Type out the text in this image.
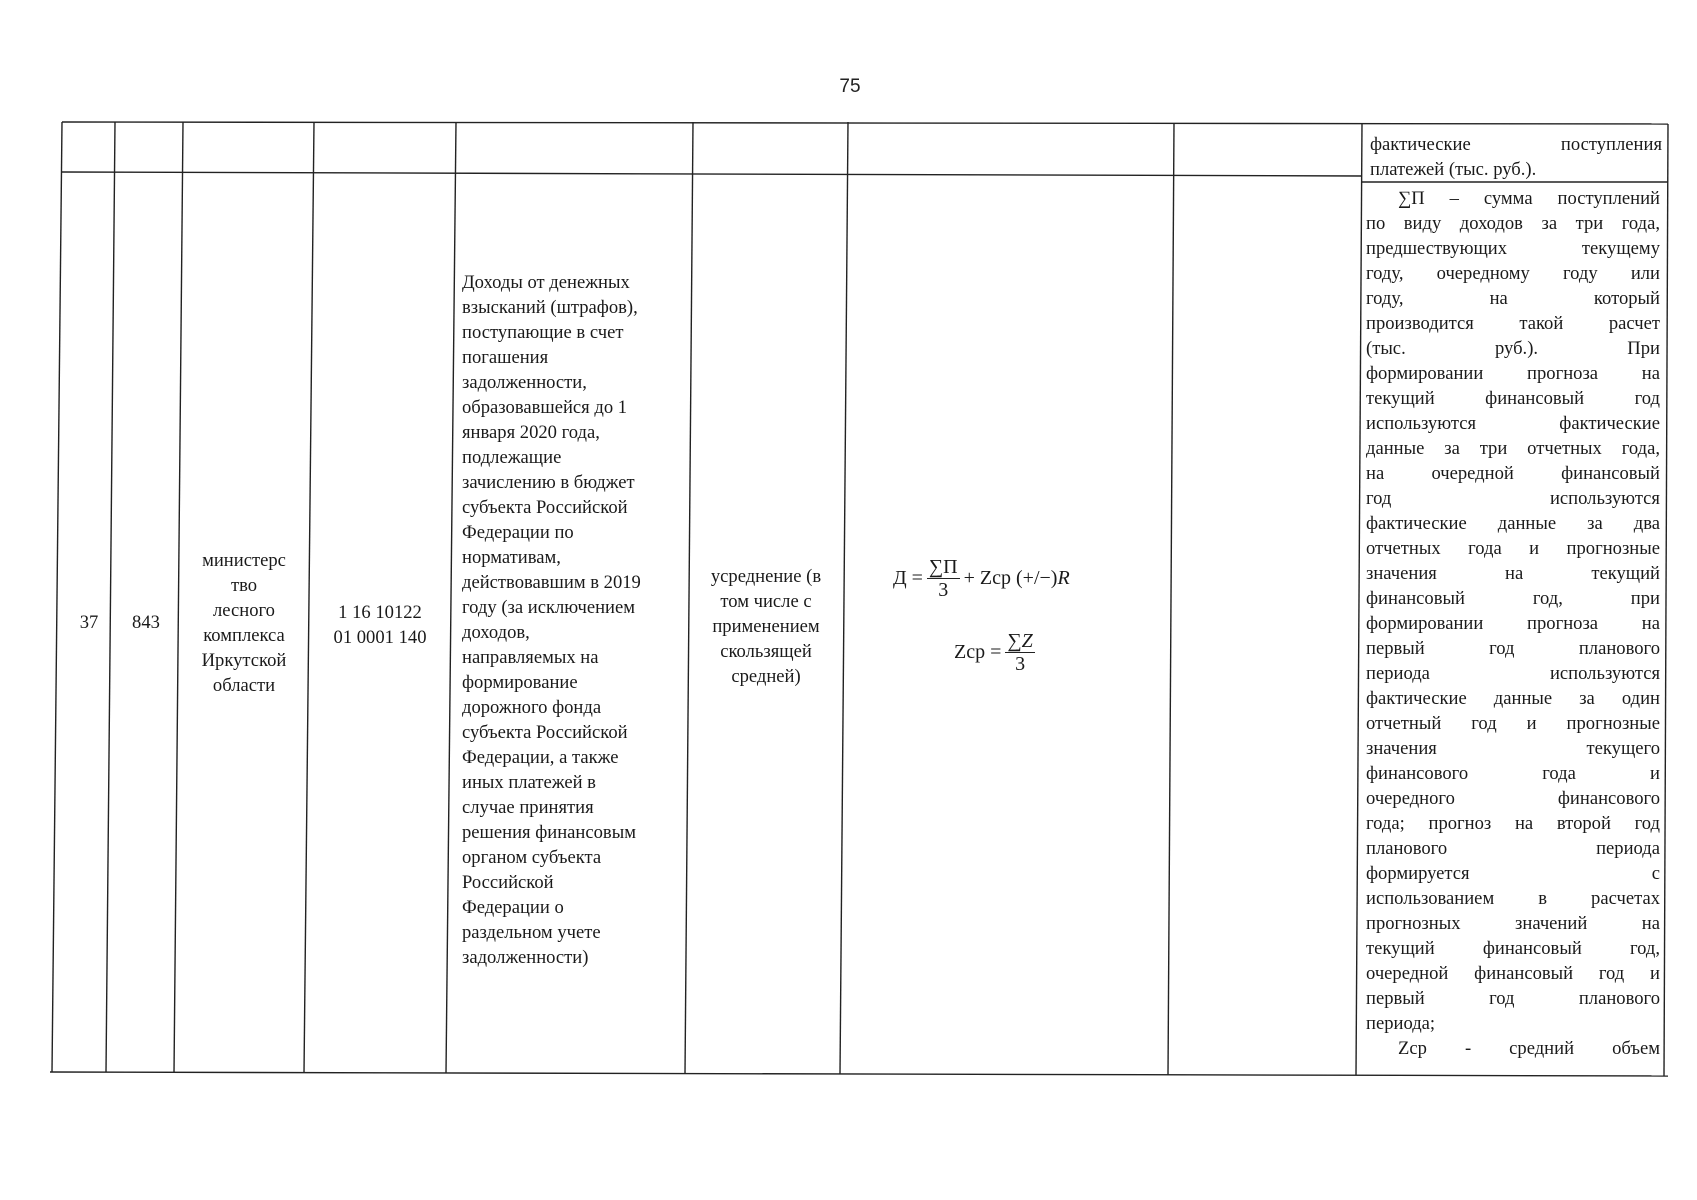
75
фактические поступления
платежей (тыс. руб.).
37	843
министерс
тво
лесного
комплекса
Иркутской
области
1 16 10122
01 0001 140
Доходы от денежных
взысканий (штрафов),
поступающие в счет
погашения
задолженности,
образовавшейся до 1
января 2020 года,
подлежащие
зачислению в бюджет
субъекта Российской
Федерации по
нормативам,
действовавшим в 2019
году (за исключением
доходов,
направляемых на
формирование
дорожного фонда
субъекта Российской
Федерации, а также
иных платежей в
случае принятия
решения финансовым
органом субъекта
Российской
Федерации о
раздельном учете
задолженности)
усреднение (в
том числе с
применением
скользящей
средней)
$Д = \frac{\sum П}{3}$ + Zср (+/−) R
Zср = $\frac{\sum Z}{3}$
∑П – сумма поступлений
по виду доходов за три года,
предшествующих текущему
году, очередному году или
году, на который
производится такой расчет
(тыс. руб.). При
формировании прогноза на
текущий финансовый год
используются фактические
данные за три отчетных года,
на очередной финансовый
год используются
фактические данные за два
отчетных года и прогнозные
значения на текущий
финансовый год, при
формировании прогноза на
первый год планового
периода используются
фактические данные за один
отчетный год и прогнозные
значения текущего
финансового года и
очередного финансового
года; прогноз на второй год
планового периода
формируется с
использованием в расчетах
прогнозных значений на
текущий финансовый год,
очередной финансовый год и
первый год планового
периода;
Zср - средний объем
